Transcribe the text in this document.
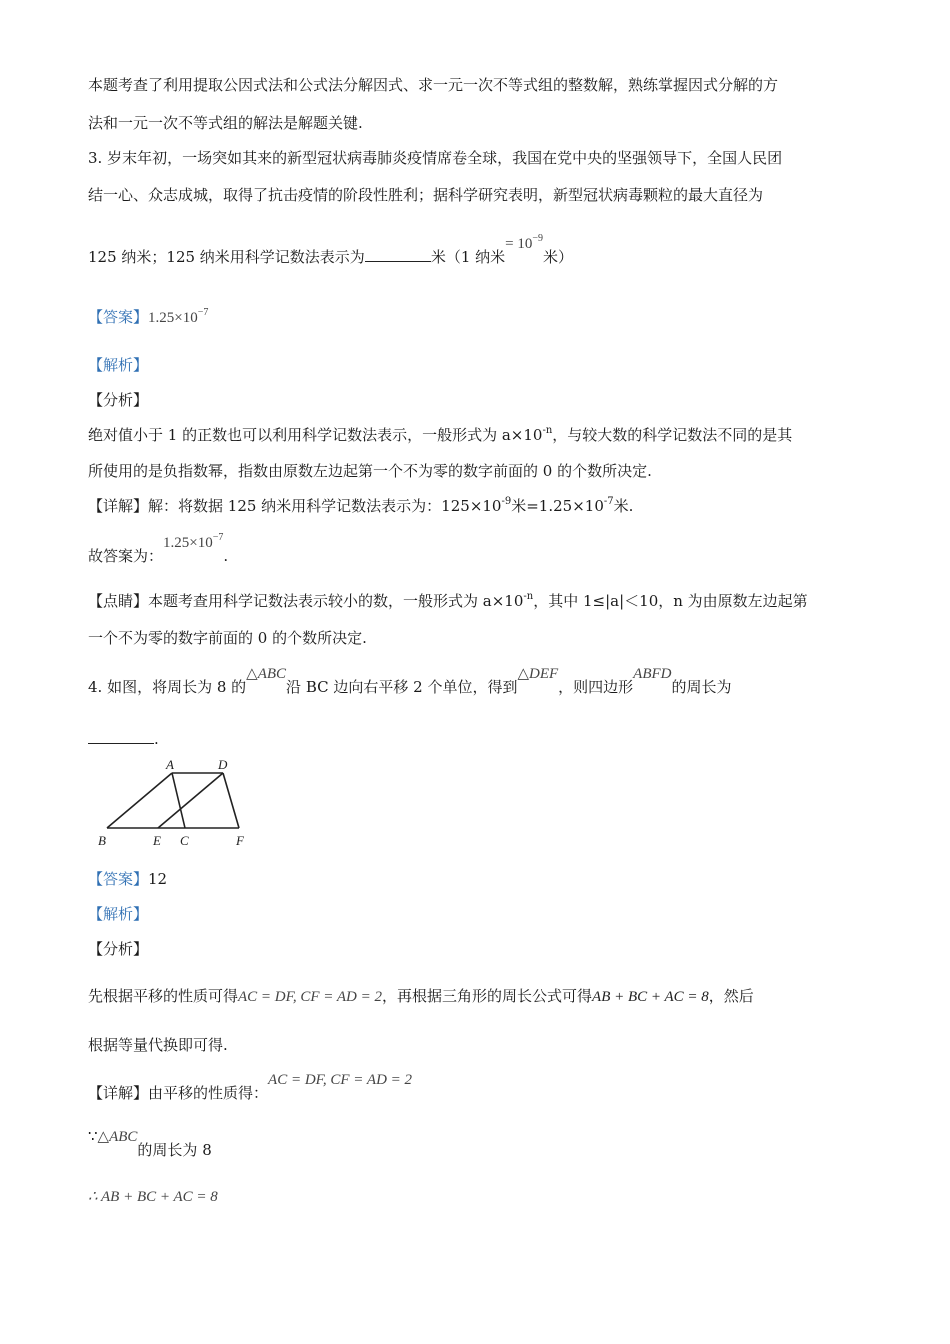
本题考查了利用提取公因式法和公式法分解因式、求一元一次不等式组的整数解，熟练掌握因式分解的方
法和一元一次不等式组的解法是解题关键.
3. 岁末年初，一场突如其来的新型冠状病毒肺炎疫情席卷全球，我国在党中央的坚强领导下，全国人民团
结一心、众志成城，取得了抗击疫情的阶段性胜利；据科学研究表明，新型冠状病毒颗粒的最大直径为
125 纳米；125 纳米用科学记数法表示为	米（1 纳米= $10^{-9}$米）
【答案】$1.25\times 10^{-7}$
【解析】
【分析】
绝对值小于 1 的正数也可以利用科学记数法表示，一般形式为 $a\times 10^{-n}$，与较大数的科学记数法不同的是其
所使用的是负指数幂，指数由原数左边起第一个不为零的数字前面的 0 的个数所决定.
【详解】解：将数据 125 纳米用科学记数法表示为：$125\times 10^{-9}$米$=1.25\times 10^{-7}$米.
故答案为：$1.25\times 10^{-7}$.
【点睛】本题考查用科学记数法表示较小的数，一般形式为 $a\times 10^{-n}$，其中 1≤|a|＜10，n 为由原数左边起第
一个不为零的数字前面的 0 的个数所决定.
4. 如图，将周长为 8 的△ABC沿 BC 边向右平移 2 个单位，得到△DEF，则四边形ABFD的周长为
.
A	D
B	E C	F
【答案】12
【解析】
【分析】
先根据平移的性质可得AC = DF, CF = AD = 2，再根据三角形的周长公式可得AB + BC + AC = 8，然后
根据等量代换即可得.
【详解】由平移的性质得：AC = DF, CF = AD = 2
∵△ABC的周长为 8
∴ AB + BC + AC = 8
